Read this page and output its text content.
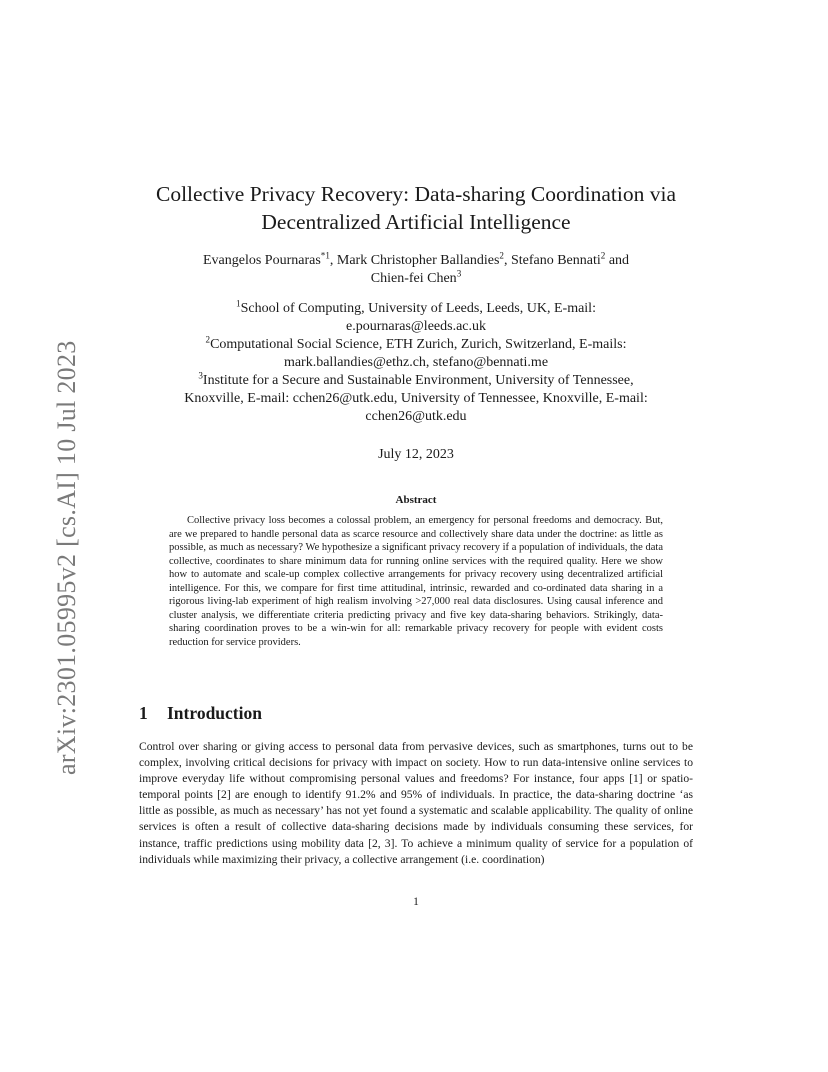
arXiv:2301.05995v2 [cs.AI] 10 Jul 2023
Collective Privacy Recovery: Data-sharing Coordination via
Decentralized Artificial Intelligence
Evangelos Pournaras$^{*1}$, Mark Christopher Ballandies$^2$, Stefano Bennati$^2$ and
Chien-fei Chen$^3$
$^1$School of Computing, University of Leeds, Leeds, UK, E-mail:
e.pournaras@leeds.ac.uk
$^2$Computational Social Science, ETH Zurich, Zurich, Switzerland, E-mails:
mark.ballandies@ethz.ch, stefano@bennati.me
$^3$Institute for a Secure and Sustainable Environment, University of Tennessee,
Knoxville, E-mail: cchen26@utk.edu, University of Tennessee, Knoxville, E-mail:
cchen26@utk.edu
July 12, 2023
Abstract
Collective privacy loss becomes a colossal problem, an emergency for personal freedoms and democracy. But, are we prepared to handle personal data as scarce resource and collectively share data under the doctrine: as little as possible, as much as necessary? We hypothesize a significant privacy recovery if a population of individuals, the data collective, coordinates to share minimum data for running online services with the required quality. Here we show how to automate and scale-up complex collective arrangements for privacy recovery using decentralized artificial intelligence. For this, we compare for first time attitudinal, intrinsic, rewarded and co-ordinated data sharing in a rigorous living-lab experiment of high realism involving >27,000 real data disclosures. Using causal inference and cluster analysis, we differentiate criteria predicting privacy and five key data-sharing behaviors. Strikingly, data-sharing coordination proves to be a win-win for all: remarkable privacy recovery for people with evident costs reduction for service providers.
1 Introduction
Control over sharing or giving access to personal data from pervasive devices, such as smartphones, turns out to be complex, involving critical decisions for privacy with impact on society. How to run data-intensive online services to improve everyday life without compromising personal values and freedoms? For instance, four apps [1] or spatio-temporal points [2] are enough to identify 91.2% and 95% of individuals. In practice, the data-sharing doctrine ‘as little as possible, as much as necessary’ has not yet found a systematic and scalable applicability. The quality of online services is often a result of collective data-sharing decisions made by individuals consuming these services, for instance, traffic predictions using mobility data [2, 3]. To achieve a minimum quality of service for a population of individuals while maximizing their privacy, a collective arrangement (i.e. coordination)
1
